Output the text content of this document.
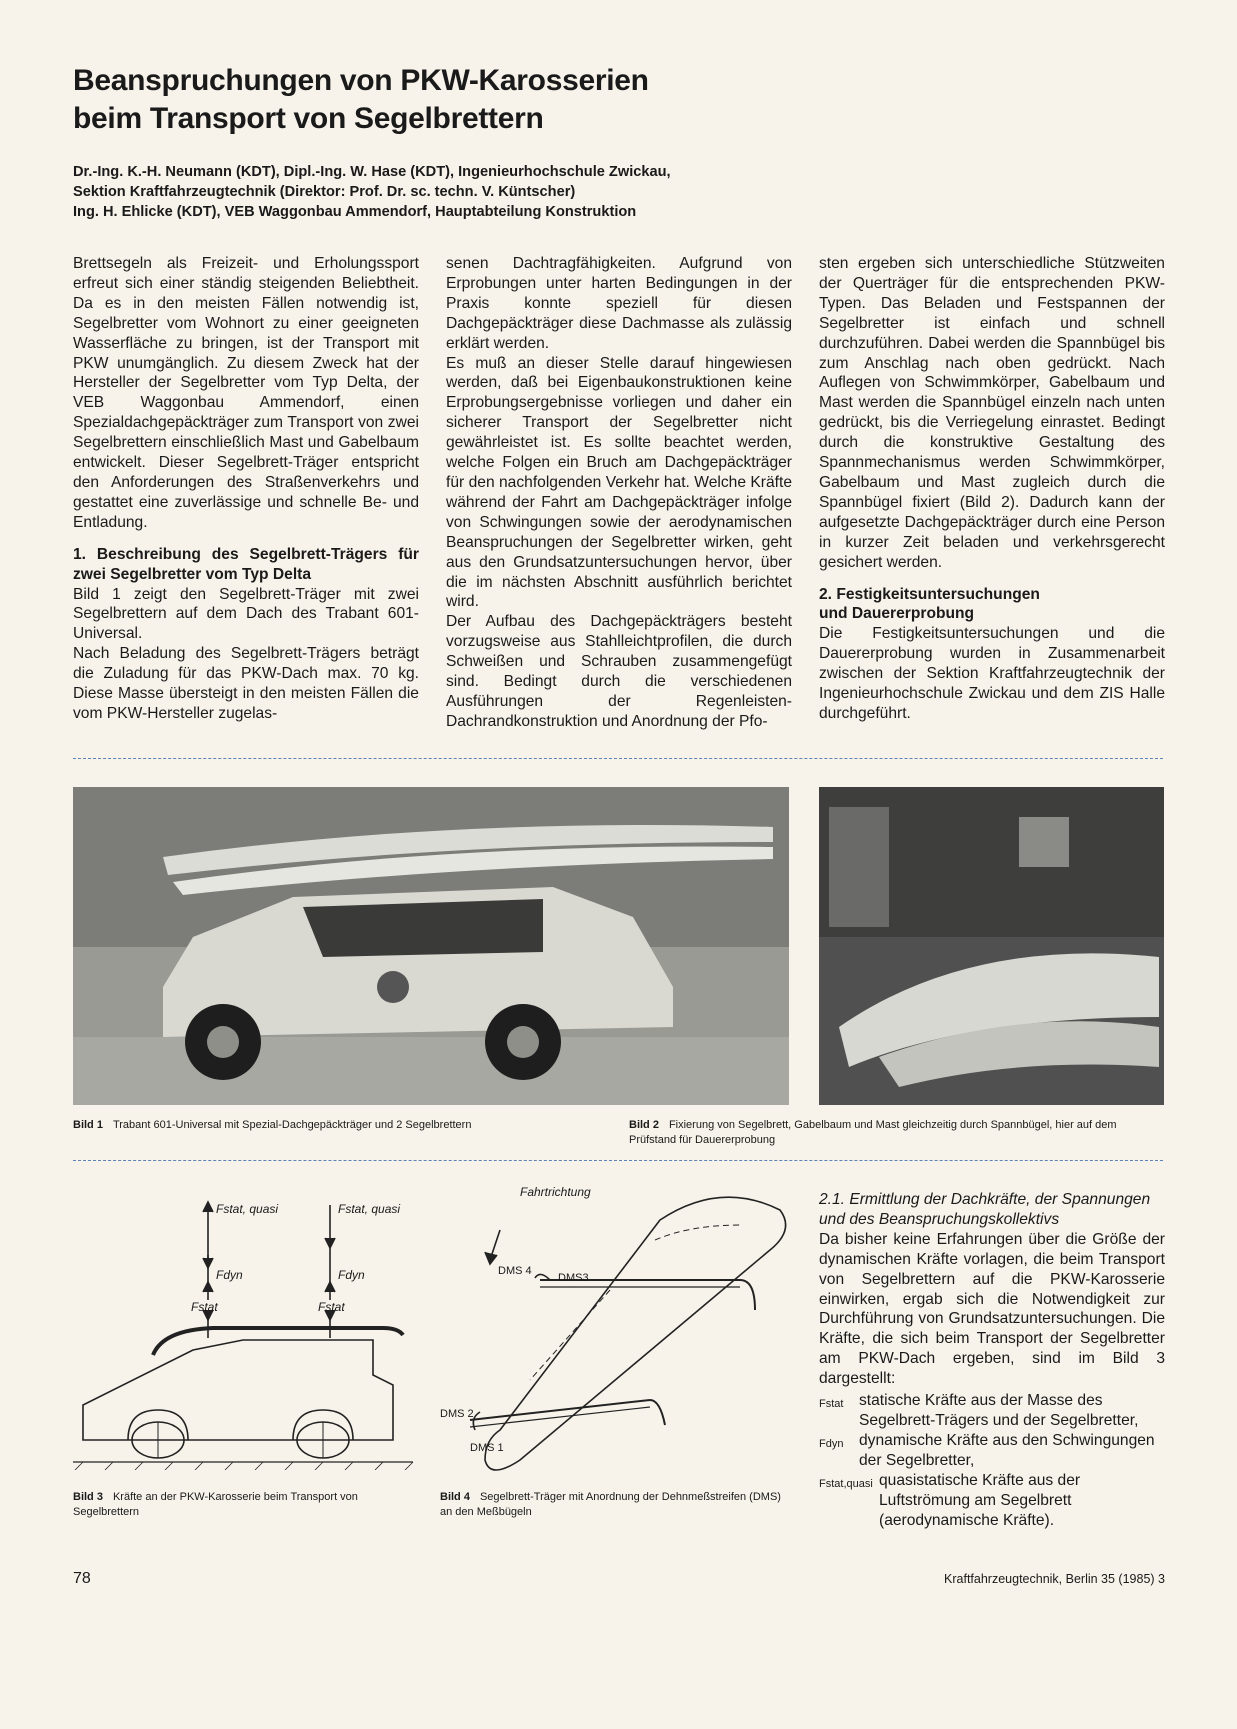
Beanspruchungen von PKW-Karosserien
beim Transport von Segelbrettern
Dr.-Ing. K.-H. Neumann (KDT), Dipl.-Ing. W. Hase (KDT), Ingenieurhochschule Zwickau,
Sektion Kraftfahrzeugtechnik (Direktor: Prof. Dr. sc. techn. V. Küntscher)
Ing. H. Ehlicke (KDT), VEB Waggonbau Ammendorf, Hauptabteilung Konstruktion

Brettsegeln als Freizeit- und Erholungssport erfreut sich einer ständig steigenden Beliebtheit. Da es in den meisten Fällen notwendig ist, Segelbretter vom Wohnort zu einer geeigneten Wasserfläche zu bringen, ist der Transport mit PKW unumgänglich. Zu diesem Zweck hat der Hersteller der Segelbretter vom Typ Delta, der VEB Waggonbau Ammendorf, einen Spezialdachgepäckträger zum Transport von zwei Segelbrettern einschließlich Mast und Gabelbaum entwickelt. Dieser Segelbrett-Träger entspricht den Anforderungen des Straßenverkehrs und gestattet eine zuverlässige und schnelle Be- und Entladung.

1. Beschreibung des Segelbrett-Trägers für zwei Segelbretter vom Typ Delta

Bild 1 zeigt den Segelbrett-Träger mit zwei Segelbrettern auf dem Dach des Trabant 601-Universal.

Nach Beladung des Segelbrett-Trägers beträgt die Zuladung für das PKW-Dach max. 70 kg. Diese Masse übersteigt in den meisten Fällen die vom PKW-Hersteller zugelas-

senen Dachtragfähigkeiten. Aufgrund von Erprobungen unter harten Bedingungen in der Praxis konnte speziell für diesen Dachgepäckträger diese Dachmasse als zulässig erklärt werden.

Es muß an dieser Stelle darauf hingewiesen werden, daß bei Eigenbaukonstruktionen keine Erprobungsergebnisse vorliegen und daher ein sicherer Transport der Segelbretter nicht gewährleistet ist. Es sollte beachtet werden, welche Folgen ein Bruch am Dachgepäckträger für den nachfolgenden Verkehr hat. Welche Kräfte während der Fahrt am Dachgepäckträger infolge von Schwingungen sowie der aerodynamischen Beanspruchungen der Segelbretter wirken, geht aus den Grundsatzuntersuchungen hervor, über die im nächsten Abschnitt ausführlich berichtet wird.

Der Aufbau des Dachgepäckträgers besteht vorzugsweise aus Stahlleichtprofilen, die durch Schweißen und Schrauben zusammengefügt sind. Bedingt durch die verschiedenen Ausführungen der Regenleisten-Dachrandkonstruktion und Anordnung der Pfo-

sten ergeben sich unterschiedliche Stützweiten der Querträger für die entsprechenden PKW-Typen. Das Beladen und Festspannen der Segelbretter ist einfach und schnell durchzuführen. Dabei werden die Spannbügel bis zum Anschlag nach oben gedrückt. Nach Auflegen von Schwimmkörper, Gabelbaum und Mast werden die Spannbügel einzeln nach unten gedrückt, bis die Verriegelung einrastet. Bedingt durch die konstruktive Gestaltung des Spannmechanismus werden Schwimmkörper, Gabelbaum und Mast zugleich durch die Spannbügel fixiert (Bild 2). Dadurch kann der aufgesetzte Dachgepäckträger durch eine Person in kurzer Zeit beladen und verkehrsgerecht gesichert werden.

2. Festigkeitsuntersuchungen
und Dauererprobung

Die Festigkeitsuntersuchungen und die Dauererprobung wurden in Zusammenarbeit zwischen der Sektion Kraftfahrzeugtechnik der Ingenieurhochschule Zwickau und dem ZIS Halle durchgeführt.

Bild 1 Trabant 601-Universal mit Spezial-Dachgepäckträger und 2 Segelbrettern	Bild 2 Fixierung von Segelbrett, Gabelbaum und Mast gleichzeitig durch Spannbügel, hier auf dem Prüfstand für Dauererprobung
Fstat, quasi	Fstat, quasi
Fdyn	Fdyn
Fstat	Fstat
Fahrtrichtung
DMS 4
DMS3
DMS 2
DMS 1
Bild 3 Kräfte an der PKW-Karosserie beim Transport von Segelbrettern
Bild 4 Segelbrett-Träger mit Anordnung der Dehnmeßstreifen (DMS) an den Meßbügeln

2.1. Ermittlung der Dachkräfte, der Spannungen und des Beanspruchungskollektivs

Da bisher keine Erfahrungen über die Größe der dynamischen Kräfte vorlagen, die beim Transport von Segelbrettern auf die PKW-Karosserie einwirken, ergab sich die Notwendigkeit zur Durchführung von Grundsatzuntersuchungen. Die Kräfte, die sich beim Transport der Segelbretter am PKW-Dach ergeben, sind im Bild 3 dargestellt:

Fstat statische Kräfte aus der Masse des Segelbrett-Trägers und der Segelbretter,
Fdyn dynamische Kräfte aus den Schwingungen der Segelbretter,
Fstat,quasi quasistatische Kräfte aus der Luftströmung am Segelbrett (aerodynamische Kräfte).
78	Kraftfahrzeugtechnik, Berlin 35 (1985) 3
